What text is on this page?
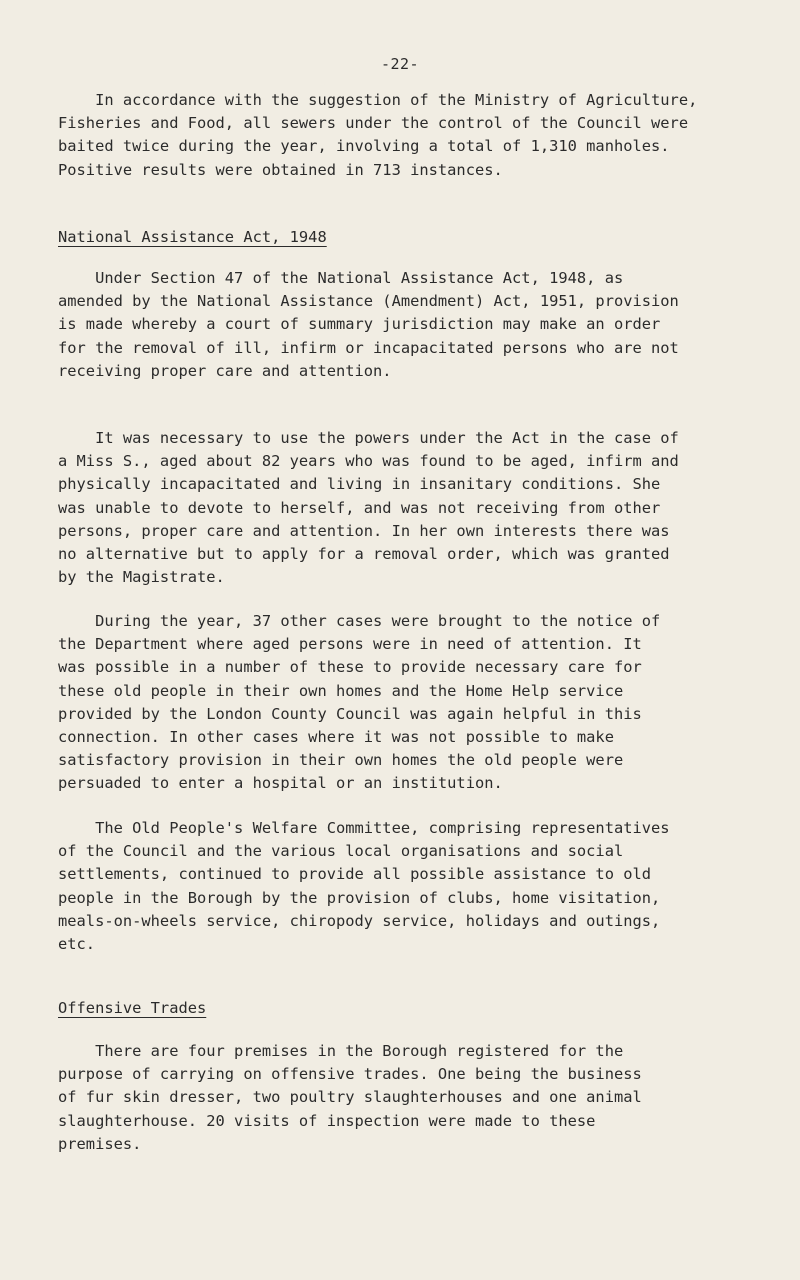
-22-

In accordance with the suggestion of the Ministry of Agriculture,
Fisheries and Food, all sewers under the control of the Council were
baited twice during the year, involving a total of 1,310 manholes.
Positive results were obtained in 713 instances.

National Assistance Act, 1948

Under Section 47 of the National Assistance Act, 1948, as
amended by the National Assistance (Amendment) Act, 1951, provision
is made whereby a court of summary jurisdiction may make an order
for the removal of ill, infirm or incapacitated persons who are not
receiving proper care and attention.

It was necessary to use the powers under the Act in the case of
a Miss S., aged about 82 years who was found to be aged, infirm and
physically incapacitated and living in insanitary conditions. She
was unable to devote to herself, and was not receiving from other
persons, proper care and attention. In her own interests there was
no alternative but to apply for a removal order, which was granted
by the Magistrate.

During the year, 37 other cases were brought to the notice of
the Department where aged persons were in need of attention. It
was possible in a number of these to provide necessary care for
these old people in their own homes and the Home Help service
provided by the London County Council was again helpful in this
connection. In other cases where it was not possible to make
satisfactory provision in their own homes the old people were
persuaded to enter a hospital or an institution.

The Old People's Welfare Committee, comprising representatives
of the Council and the various local organisations and social
settlements, continued to provide all possible assistance to old
people in the Borough by the provision of clubs, home visitation,
meals-on-wheels service, chiropody service, holidays and outings,
etc.

Offensive Trades

There are four premises in the Borough registered for the
purpose of carrying on offensive trades. One being the business
of fur skin dresser, two poultry slaughterhouses and one animal
slaughterhouse. 20 visits of inspection were made to these
premises.
